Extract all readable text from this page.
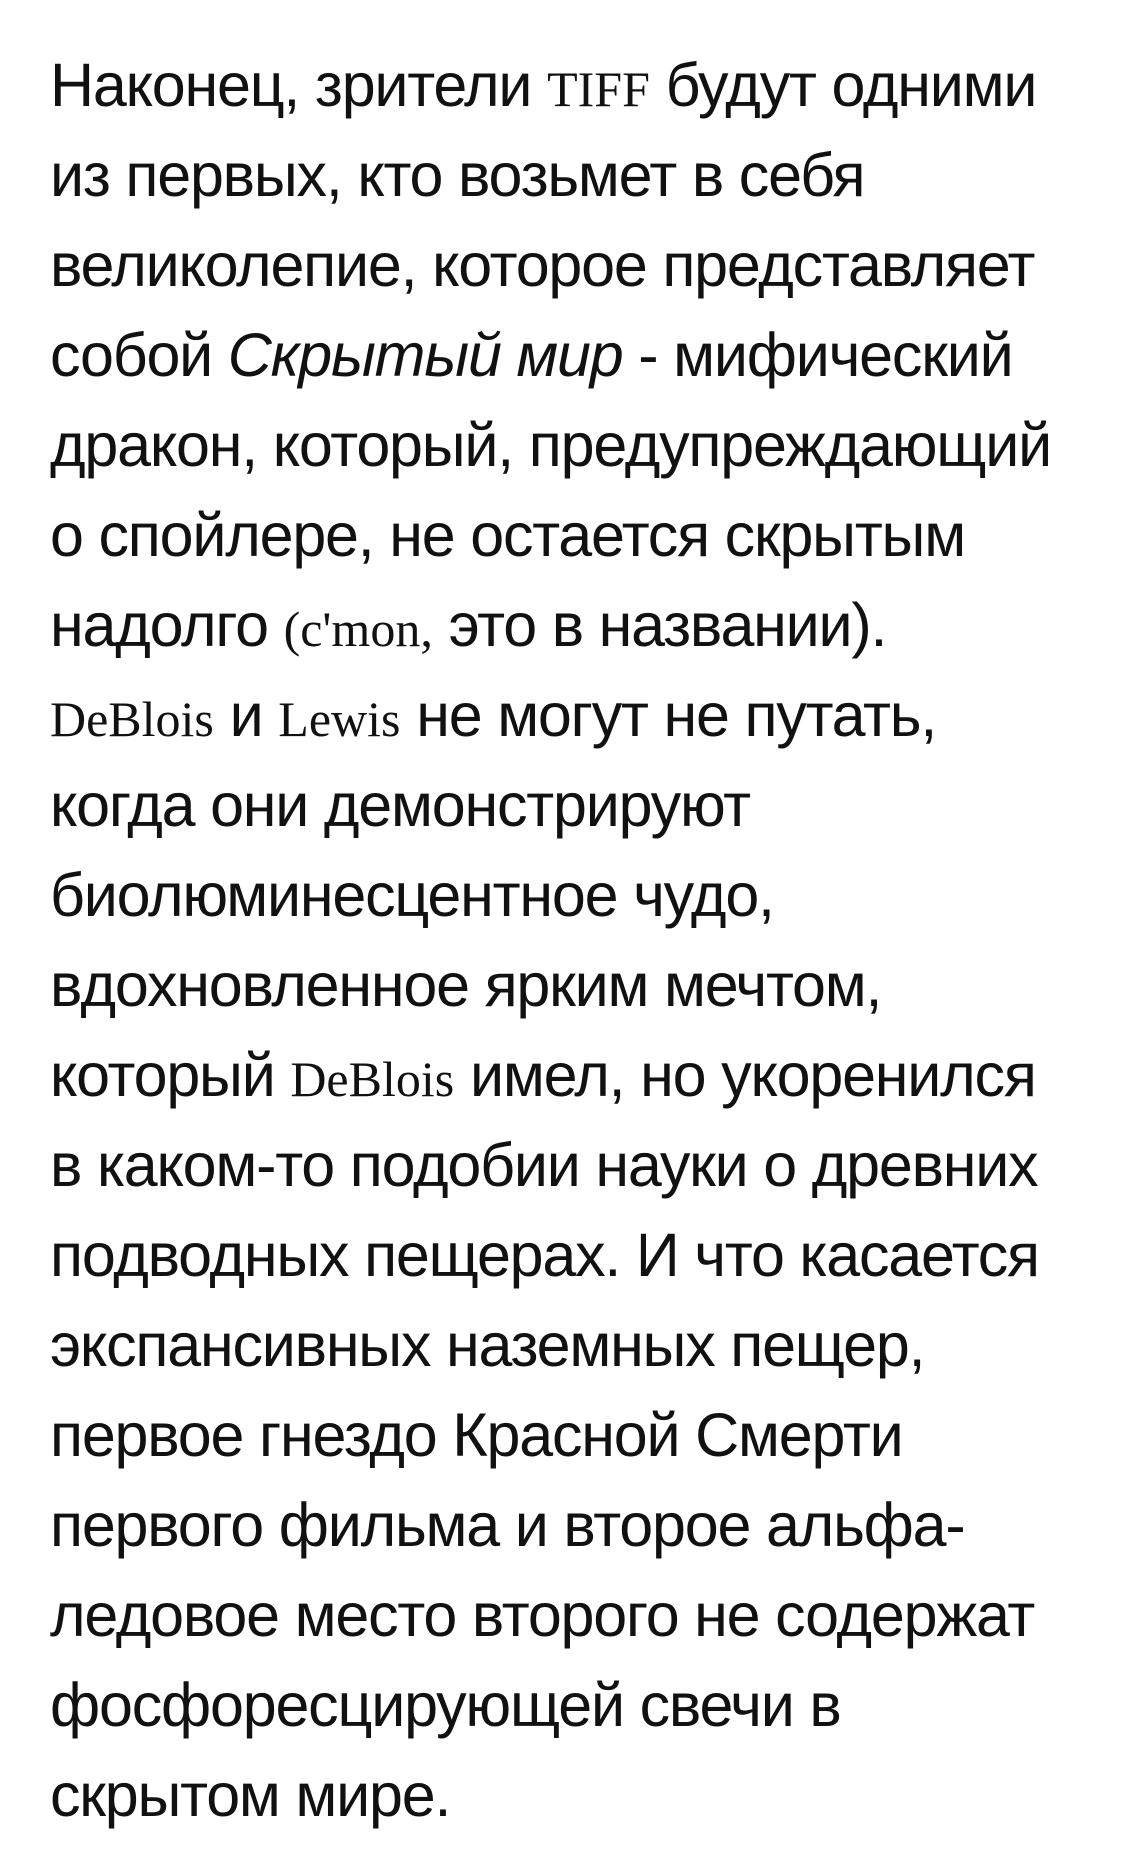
Наконец, зрители TIFF будут одними
из первых, кто возьмет в себя
великолепие, которое представляет
собой Скрытый мир - мифический
дракон, который, предупреждающий
о спойлере, не остается скрытым
надолго (c'mon, это в названии).
DeBlois и Lewis не могут не путать,
когда они демонстрируют
биолюминесцентное чудо,
вдохновленное ярким мечтом,
который DeBlois имел, но укоренился
в каком-то подобии науки о древних
подводных пещерах. И что касается
экспансивных наземных пещер,
первое гнездо Красной Смерти
первого фильма и второе альфа-
ледовое место второго не содержат
фосфоресцирующей свечи в
скрытом мире.
